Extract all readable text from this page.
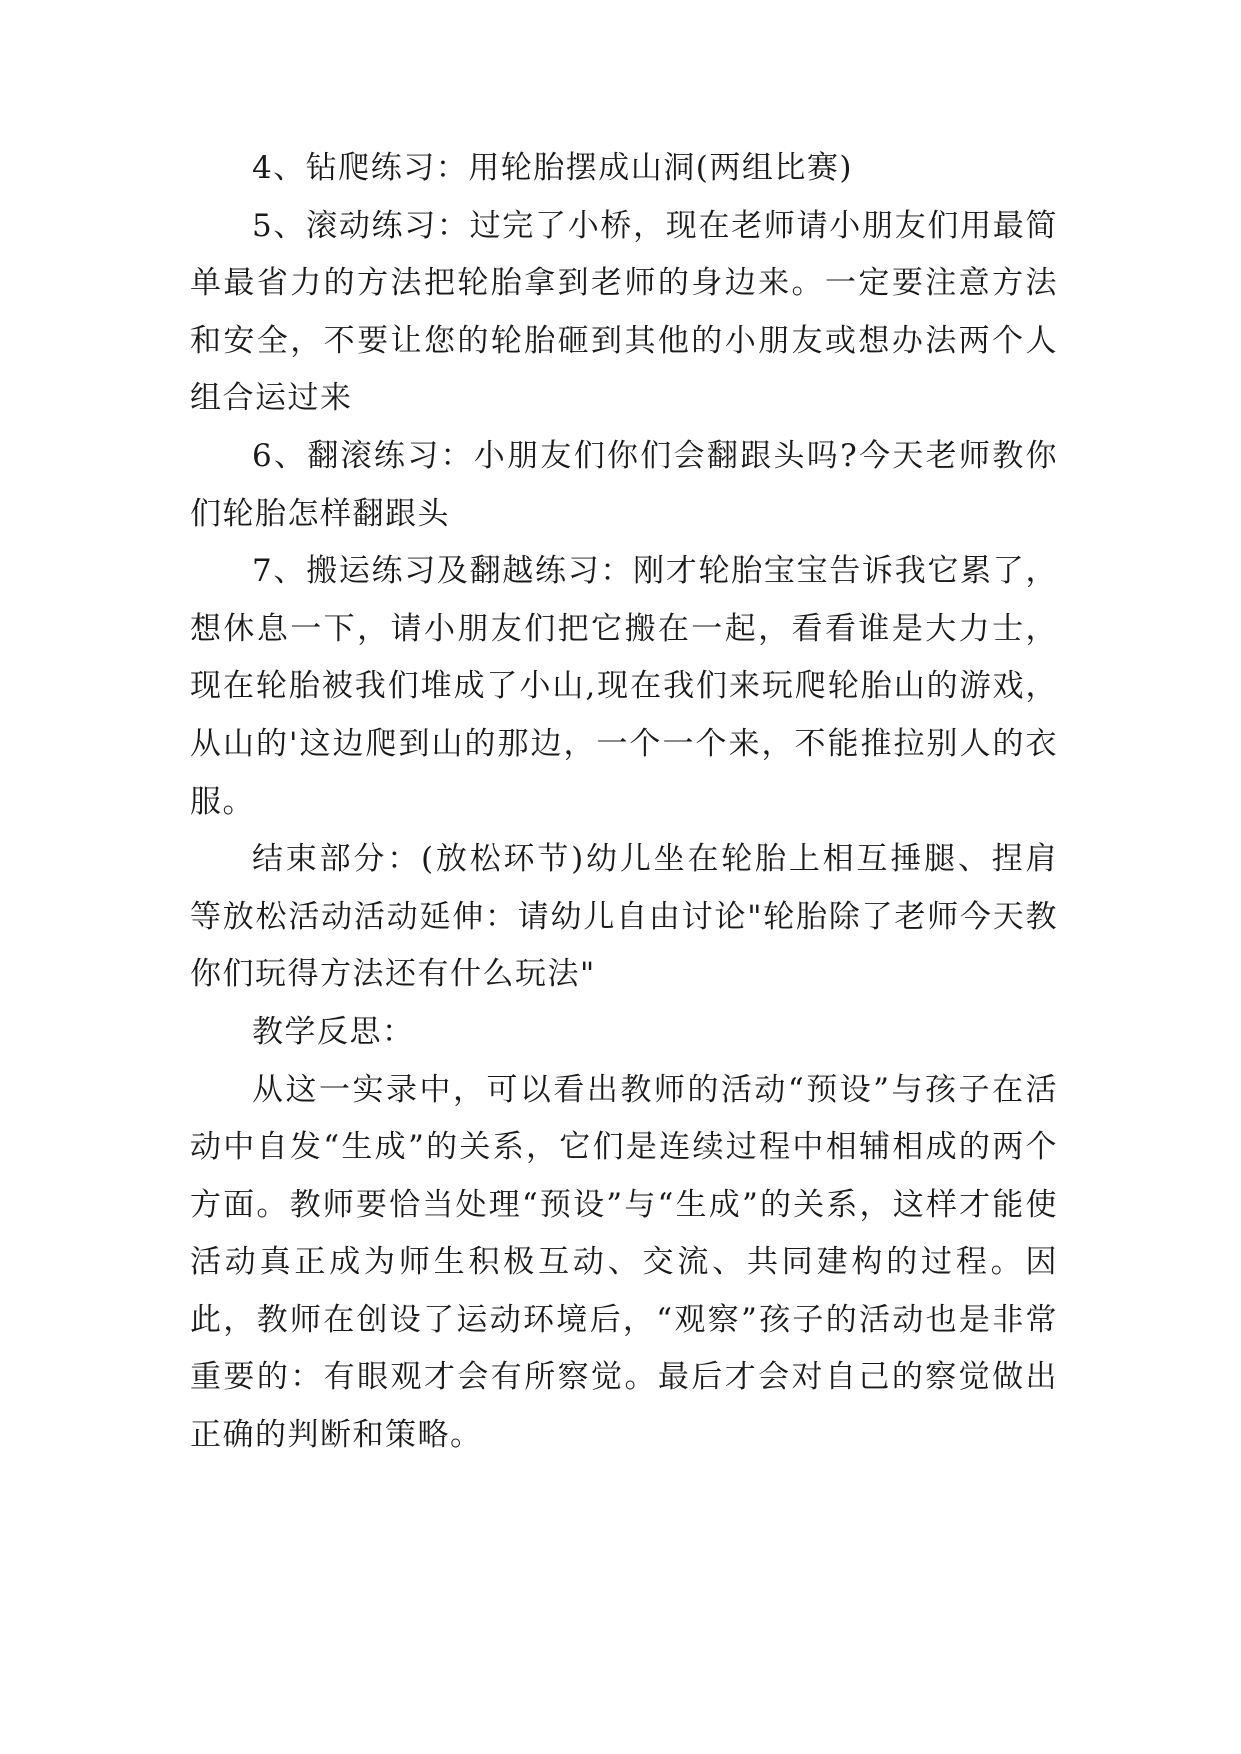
4、钻爬练习：用轮胎摆成山洞(两组比赛)

5、滚动练习：过完了小桥，现在老师请小朋友们用最简单最省力的方法把轮胎拿到老师的身边来。一定要注意方法和安全，不要让您的轮胎砸到其他的小朋友或想办法两个人组合运过来

6、翻滚练习：小朋友们你们会翻跟头吗?今天老师教你们轮胎怎样翻跟头

7、搬运练习及翻越练习：刚才轮胎宝宝告诉我它累了，想休息一下，请小朋友们把它搬在一起，看看谁是大力士，现在轮胎被我们堆成了小山,现在我们来玩爬轮胎山的游戏，从山的'这边爬到山的那边，一个一个来，不能推拉别人的衣服。

结束部分：(放松环节)幼儿坐在轮胎上相互捶腿、捏肩等放松活动活动延伸：请幼儿自由讨论"轮胎除了老师今天教你们玩得方法还有什么玩法"

教学反思：

从这一实录中，可以看出教师的活动“预设”与孩子在活动中自发“生成”的关系，它们是连续过程中相辅相成的两个方面。教师要恰当处理“预设”与“生成”的关系，这样才能使活动真正成为师生积极互动、交流、共同建构的过程。因此，教师在创设了运动环境后，“观察”孩子的活动也是非常重要的：有眼观才会有所察觉。最后才会对自己的察觉做出正确的判断和策略。
